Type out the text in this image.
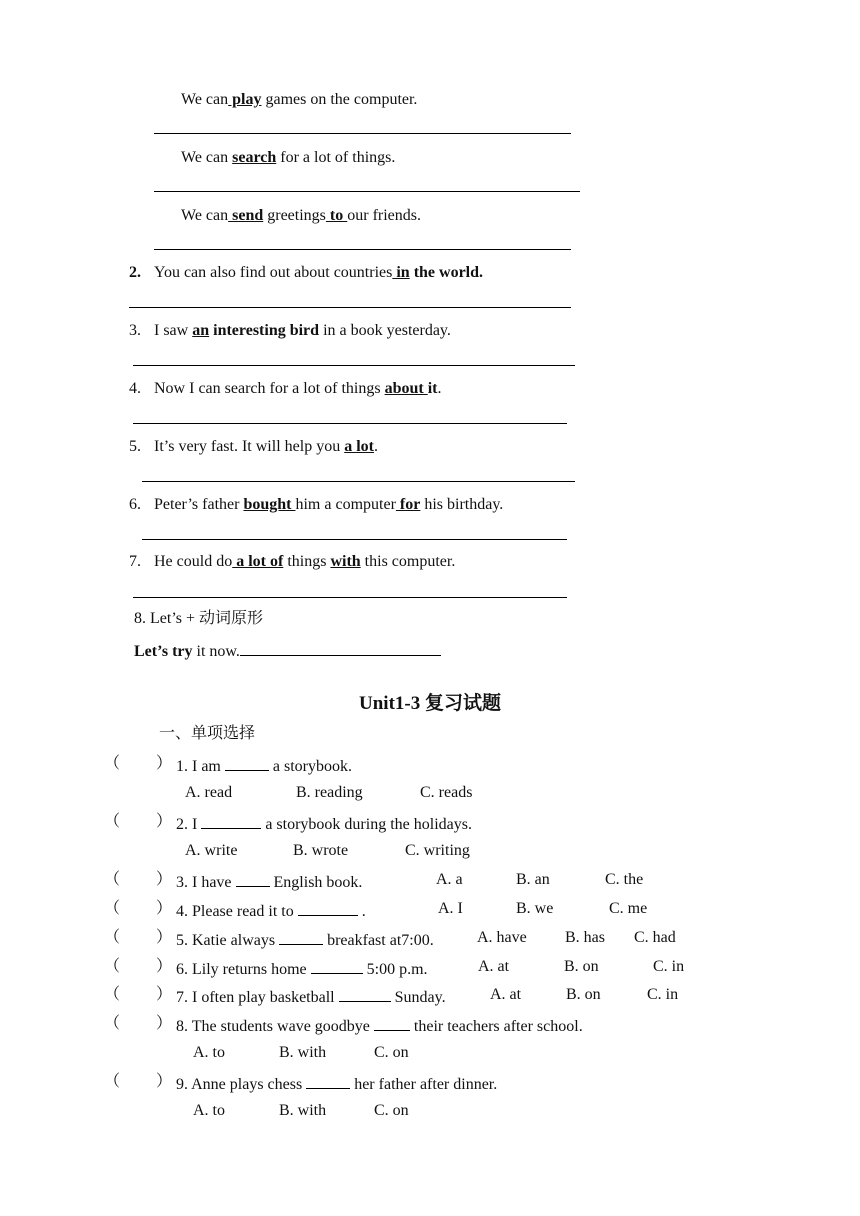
We can play games on the computer.
We can search for a lot of things.
We can send greetings to our friends.
2. You can also find out about countries in the world.
3. I saw an interesting bird in a book yesterday.
4. Now I can search for a lot of things about it.
5. It’s very fast. It will help you a lot.
6. Peter’s father bought him a computer for his birthday.
7. He could do a lot of things with this computer.
8. Let’s + 动词原形
Let’s try it now.
Unit1-3 复习试题
一、单项选择
（ ） 1. I am	a storybook.
A. read	B. reading	C. reads
（ ） 2. I	a storybook during the holidays.
A. write	B. wrote	C. writing
（ ） 3. I have  English book.	A. a	B. an	C. the
（ ） 4. Please read it to	.	A. I	B. we	C. me
（ ） 5. Katie always	breakfast at7:00.	A. have B. has C. had
（ ） 6. Lily returns home	5:00 p.m.	A. at	B. on	C. in
（ ） 7. I often play basketball	Sunday.	A. at	B. on	C. in
（ ） 8. The students wave goodbye  their teachers after school.
A. to	B. with	C. on
（ ） 9. Anne plays chess	her father after dinner.
A. to	B. with	C. on
